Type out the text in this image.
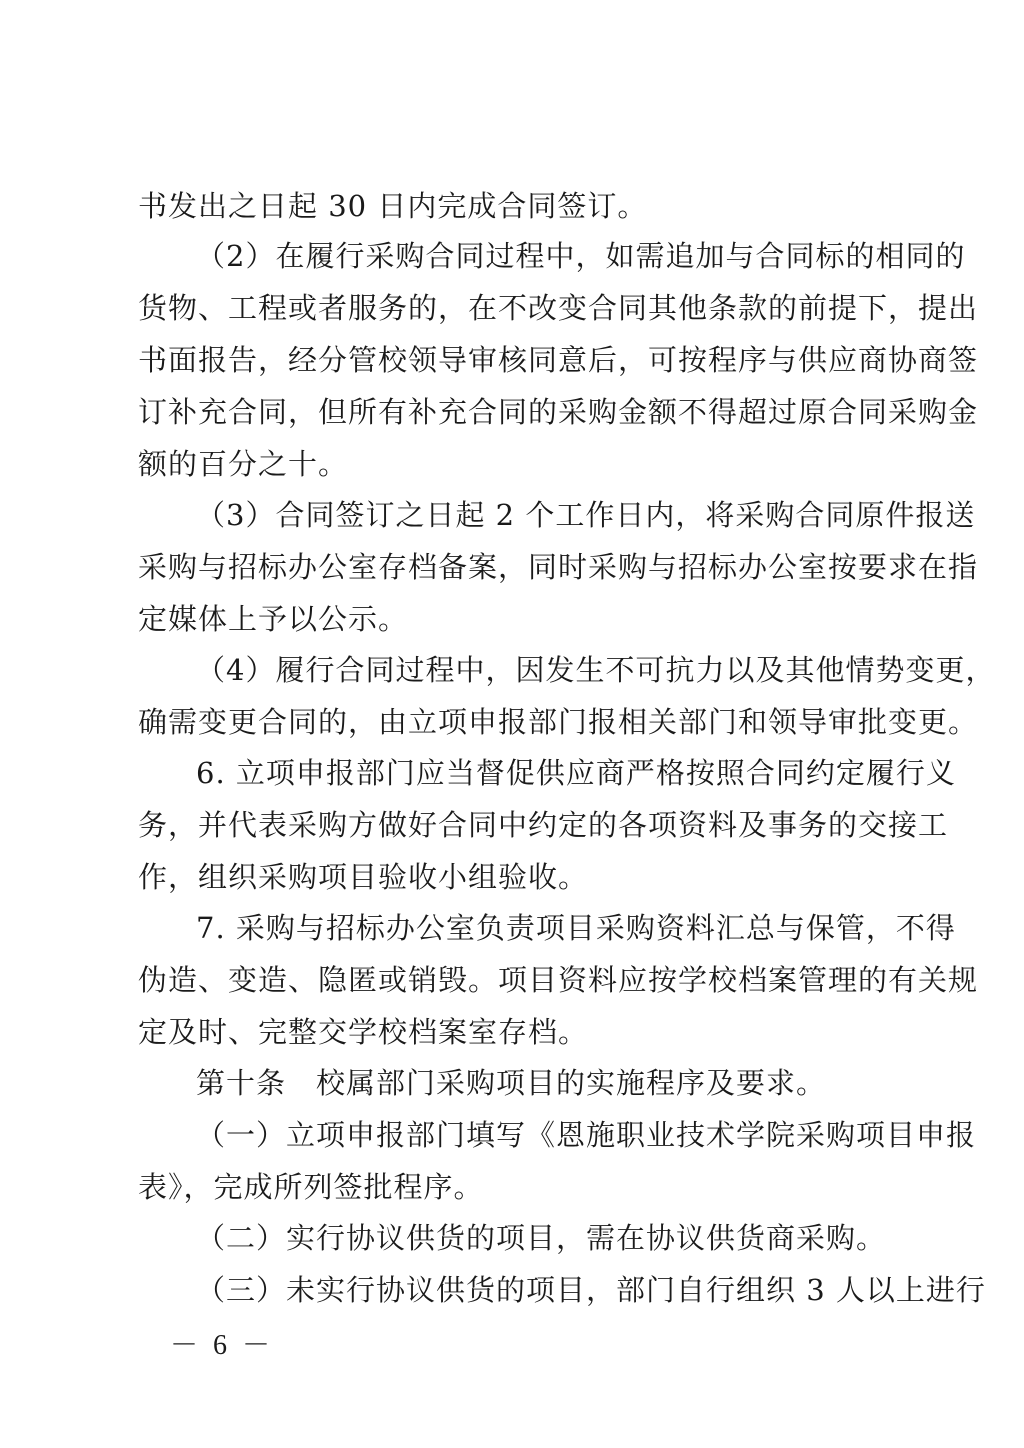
书发出之日起 30 日内完成合同签订。

（2）在履行采购合同过程中，如需追加与合同标的相同的

货物、工程或者服务的，在不改变合同其他条款的前提下，提出

书面报告，经分管校领导审核同意后，可按程序与供应商协商签

订补充合同，但所有补充合同的采购金额不得超过原合同采购金

额的百分之十。

（3）合同签订之日起 2 个工作日内，将采购合同原件报送

采购与招标办公室存档备案，同时采购与招标办公室按要求在指

定媒体上予以公示。

（4）履行合同过程中，因发生不可抗力以及其他情势变更，

确需变更合同的，由立项申报部门报相关部门和领导审批变更。

6. 立项申报部门应当督促供应商严格按照合同约定履行义

务，并代表采购方做好合同中约定的各项资料及事务的交接工

作，组织采购项目验收小组验收。

7. 采购与招标办公室负责项目采购资料汇总与保管，不得

伪造、变造、隐匿或销毁。项目资料应按学校档案管理的有关规

定及时、完整交学校档案室存档。

第十条　校属部门采购项目的实施程序及要求。

（一）立项申报部门填写《恩施职业技术学院采购项目申报

表》，完成所列签批程序。

（二）实行协议供货的项目，需在协议供货商采购。

（三）未实行协议供货的项目，部门自行组织 3 人以上进行

－ 6 －
